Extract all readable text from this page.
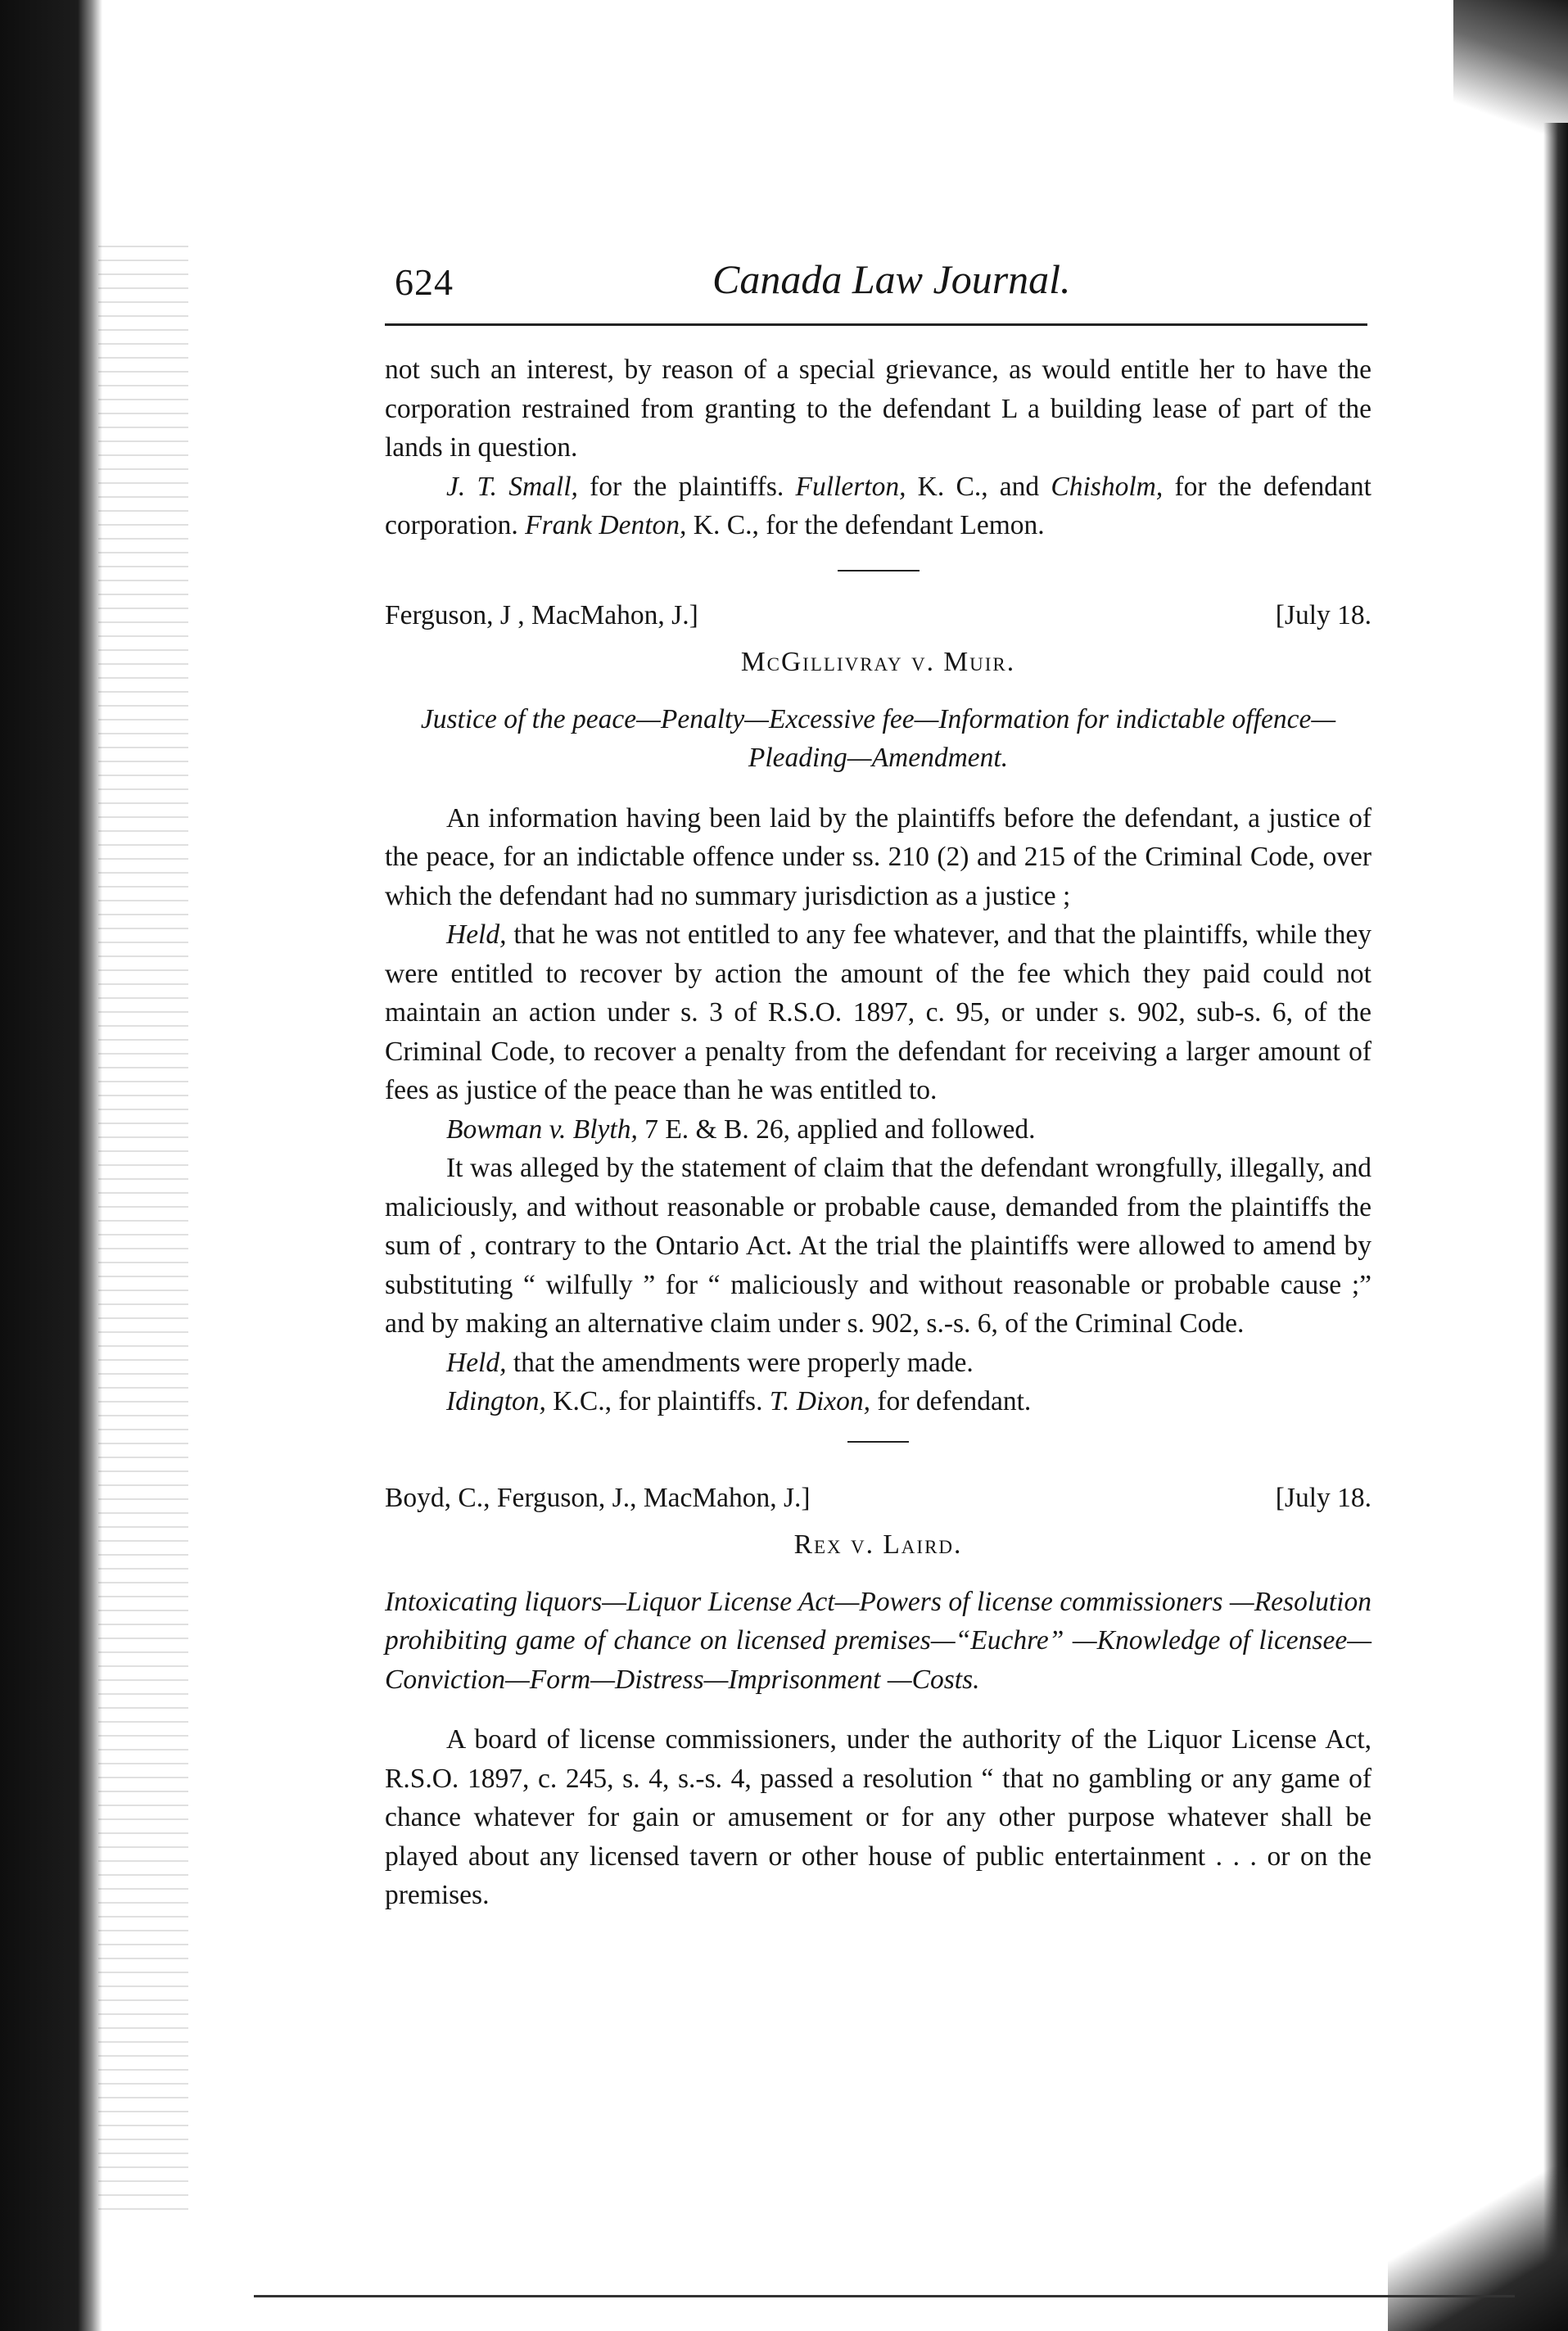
624	Canada Law Journal.

not such an interest, by reason of a special grievance, as would entitle her to have the corporation restrained from granting to the defendant L a building lease of part of the lands in question.

J. T. Small, for the plaintiffs. Fullerton, K. C., and Chisholm, for the defendant corporation. Frank Denton, K. C., for the defendant Lemon.

Ferguson, J , MacMahon, J.]	[July 18.
McGillivray v. Muir.
Justice of the peace—Penalty—Excessive fee—Information for indictable offence—Pleading—Amendment.

An information having been laid by the plaintiffs before the defendant, a justice of the peace, for an indictable offence under ss. 210 (2) and 215 of the Criminal Code, over which the defendant had no summary jurisdiction as a justice ;

Held, that he was not entitled to any fee whatever, and that the plaintiffs, while they were entitled to recover by action the amount of the fee which they paid could not maintain an action under s. 3 of R.S.O. 1897, c. 95, or under s. 902, sub-s. 6, of the Criminal Code, to recover a penalty from the defendant for receiving a larger amount of fees as justice of the peace than he was entitled to.

Bowman v. Blyth, 7 E. & B. 26, applied and followed.

It was alleged by the statement of claim that the defendant wrongfully, illegally, and maliciously, and without reasonable or probable cause, demanded from the plaintiffs the sum of , contrary to the Ontario Act. At the trial the plaintiffs were allowed to amend by substituting “ wilfully ” for “ maliciously and without reasonable or probable cause ;” and by making an alternative claim under s. 902, s.-s. 6, of the Criminal Code.

Held, that the amendments were properly made.

Idington, K.C., for plaintiffs. T. Dixon, for defendant.

Boyd, C., Ferguson, J., MacMahon, J.]	[July 18.
Rex v. Laird.
Intoxicating liquors—Liquor License Act—Powers of license commissioners —Resolution prohibiting game of chance on licensed premises—“Euchre” —Knowledge of licensee—Conviction—Form—Distress—Imprisonment —Costs.

A board of license commissioners, under the authority of the Liquor License Act, R.S.O. 1897, c. 245, s. 4, s.-s. 4, passed a resolution “ that no gambling or any game of chance whatever for gain or amusement or for any other purpose whatever shall be played about any licensed tavern or other house of public entertainment . . . or on the premises.
